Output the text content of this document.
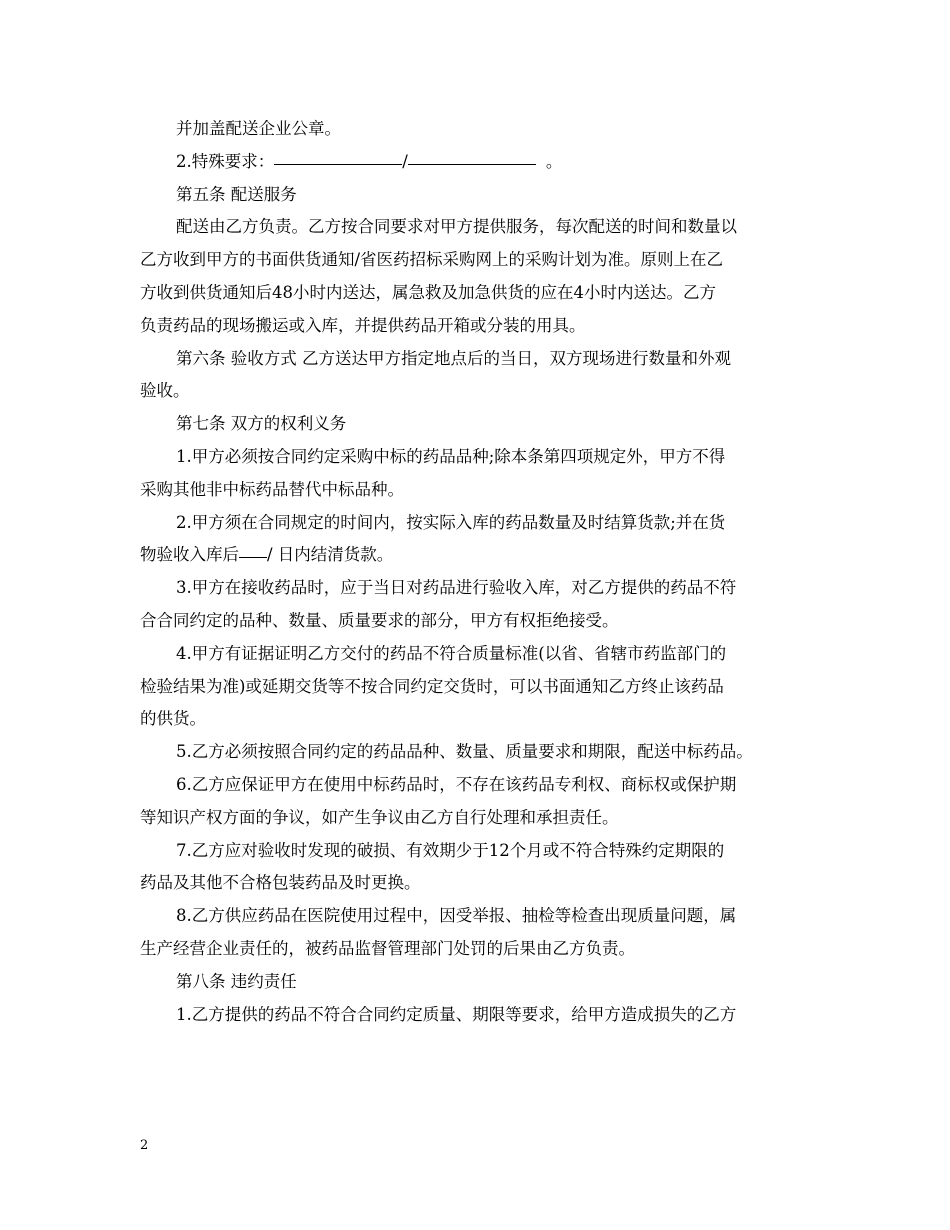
并加盖配送企业公章。
2.特殊要求：	/	。
第五条 配送服务
配送由乙方负责。乙方按合同要求对甲方提供服务，每次配送的时间和数量以
乙方收到甲方的书面供货通知/省医药招标采购网上的采购计划为准。原则上在乙
方收到供货通知后48小时内送达，属急救及加急供货的应在4小时内送达。乙方
负责药品的现场搬运或入库，并提供药品开箱或分装的用具。
第六条 验收方式 乙方送达甲方指定地点后的当日，双方现场进行数量和外观
验收。
第七条 双方的权利义务
1.甲方必须按合同约定采购中标的药品品种;除本条第四项规定外，甲方不得
采购其他非中标药品替代中标品种。
2.甲方须在合同规定的时间内，按实际入库的药品数量及时结算货款;并在货
物验收入库后 / 日内结清货款。
3.甲方在接收药品时，应于当日对药品进行验收入库，对乙方提供的药品不符
合合同约定的品种、数量、质量要求的部分，甲方有权拒绝接受。
4.甲方有证据证明乙方交付的药品不符合质量标准(以省、省辖市药监部门的
检验结果为准)或延期交货等不按合同约定交货时，可以书面通知乙方终止该药品
的供货。
5.乙方必须按照合同约定的药品品种、数量、质量要求和期限，配送中标药品。
6.乙方应保证甲方在使用中标药品时，不存在该药品专利权、商标权或保护期
等知识产权方面的争议，如产生争议由乙方自行处理和承担责任。
7.乙方应对验收时发现的破损、有效期少于12个月或不符合特殊约定期限的
药品及其他不合格包装药品及时更换。
8.乙方供应药品在医院使用过程中，因受举报、抽检等检查出现质量问题，属
生产经营企业责任的，被药品监督管理部门处罚的后果由乙方负责。
第八条 违约责任
1.乙方提供的药品不符合合同约定质量、期限等要求，给甲方造成损失的乙方
2
